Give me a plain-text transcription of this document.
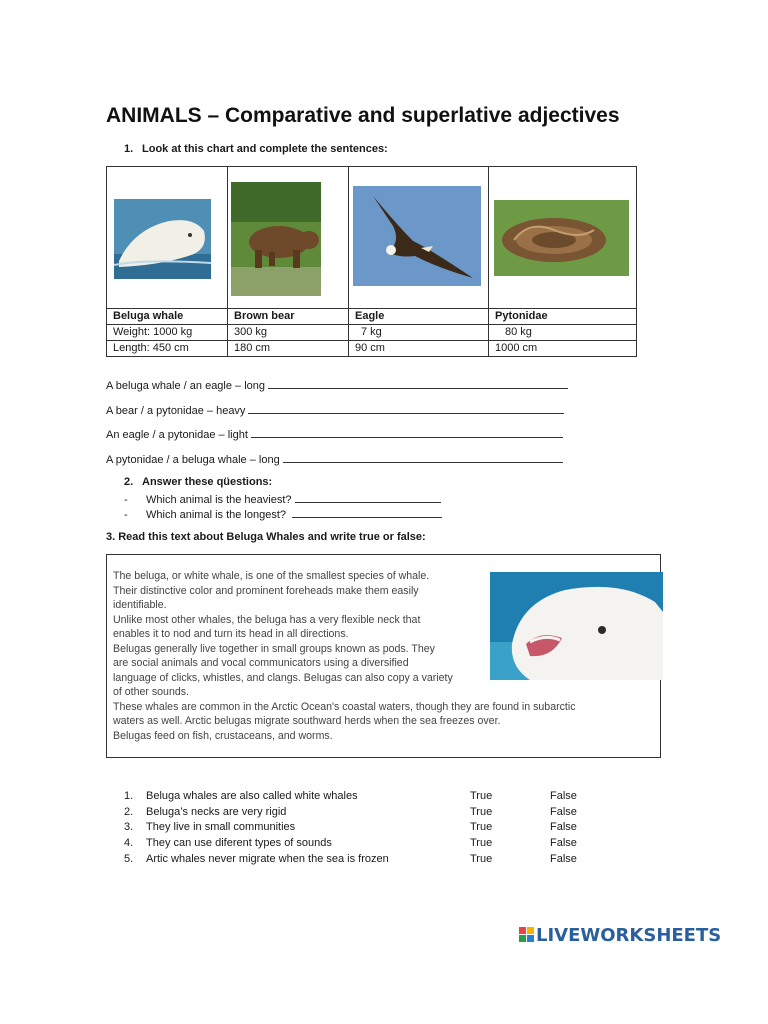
ANIMALS – Comparative and superlative adjectives
1. Look at this chart and complete the sentences:

Beluga whale	Brown bear	Eagle	Pytonidae
Weight: 1000 kg	300 kg	7 kg	80 kg
Length: 450 cm	180 cm	90 cm	1000 cm
A beluga whale / an eagle – long
A bear / a pytonidae – heavy
An eagle / a pytonidae – light
A pytonidae / a beluga whale – long
2. Answer these qüestions:
- Which animal is the heaviest?
- Which animal is the longest?
3. Read this text about Beluga Whales and write true or false:
The beluga, or white whale, is one of the smallest species of whale.
Their distinctive color and prominent foreheads make them easily
identifiable.
Unlike most other whales, the beluga has a very flexible neck that
enables it to nod and turn its head in all directions.
Belugas generally live together in small groups known as pods. They
are social animals and vocal communicators using a diversified
language of clicks, whistles, and clangs. Belugas can also copy a variety
of other sounds.
These whales are common in the Arctic Ocean's coastal waters, though they are found in subarctic
waters as well. Arctic belugas migrate southward herds when the sea freezes over.
Belugas feed on fish, crustaceans, and worms.
1. Beluga whales are also called white whales	True	False
2. Beluga’s necks are very rigid	True	False
3. They live in small communities	True	False
4. They can use diferent types of sounds	True	False
5. Artic whales never migrate when the sea is frozen	True	False
LIVEWORKSHEETS
